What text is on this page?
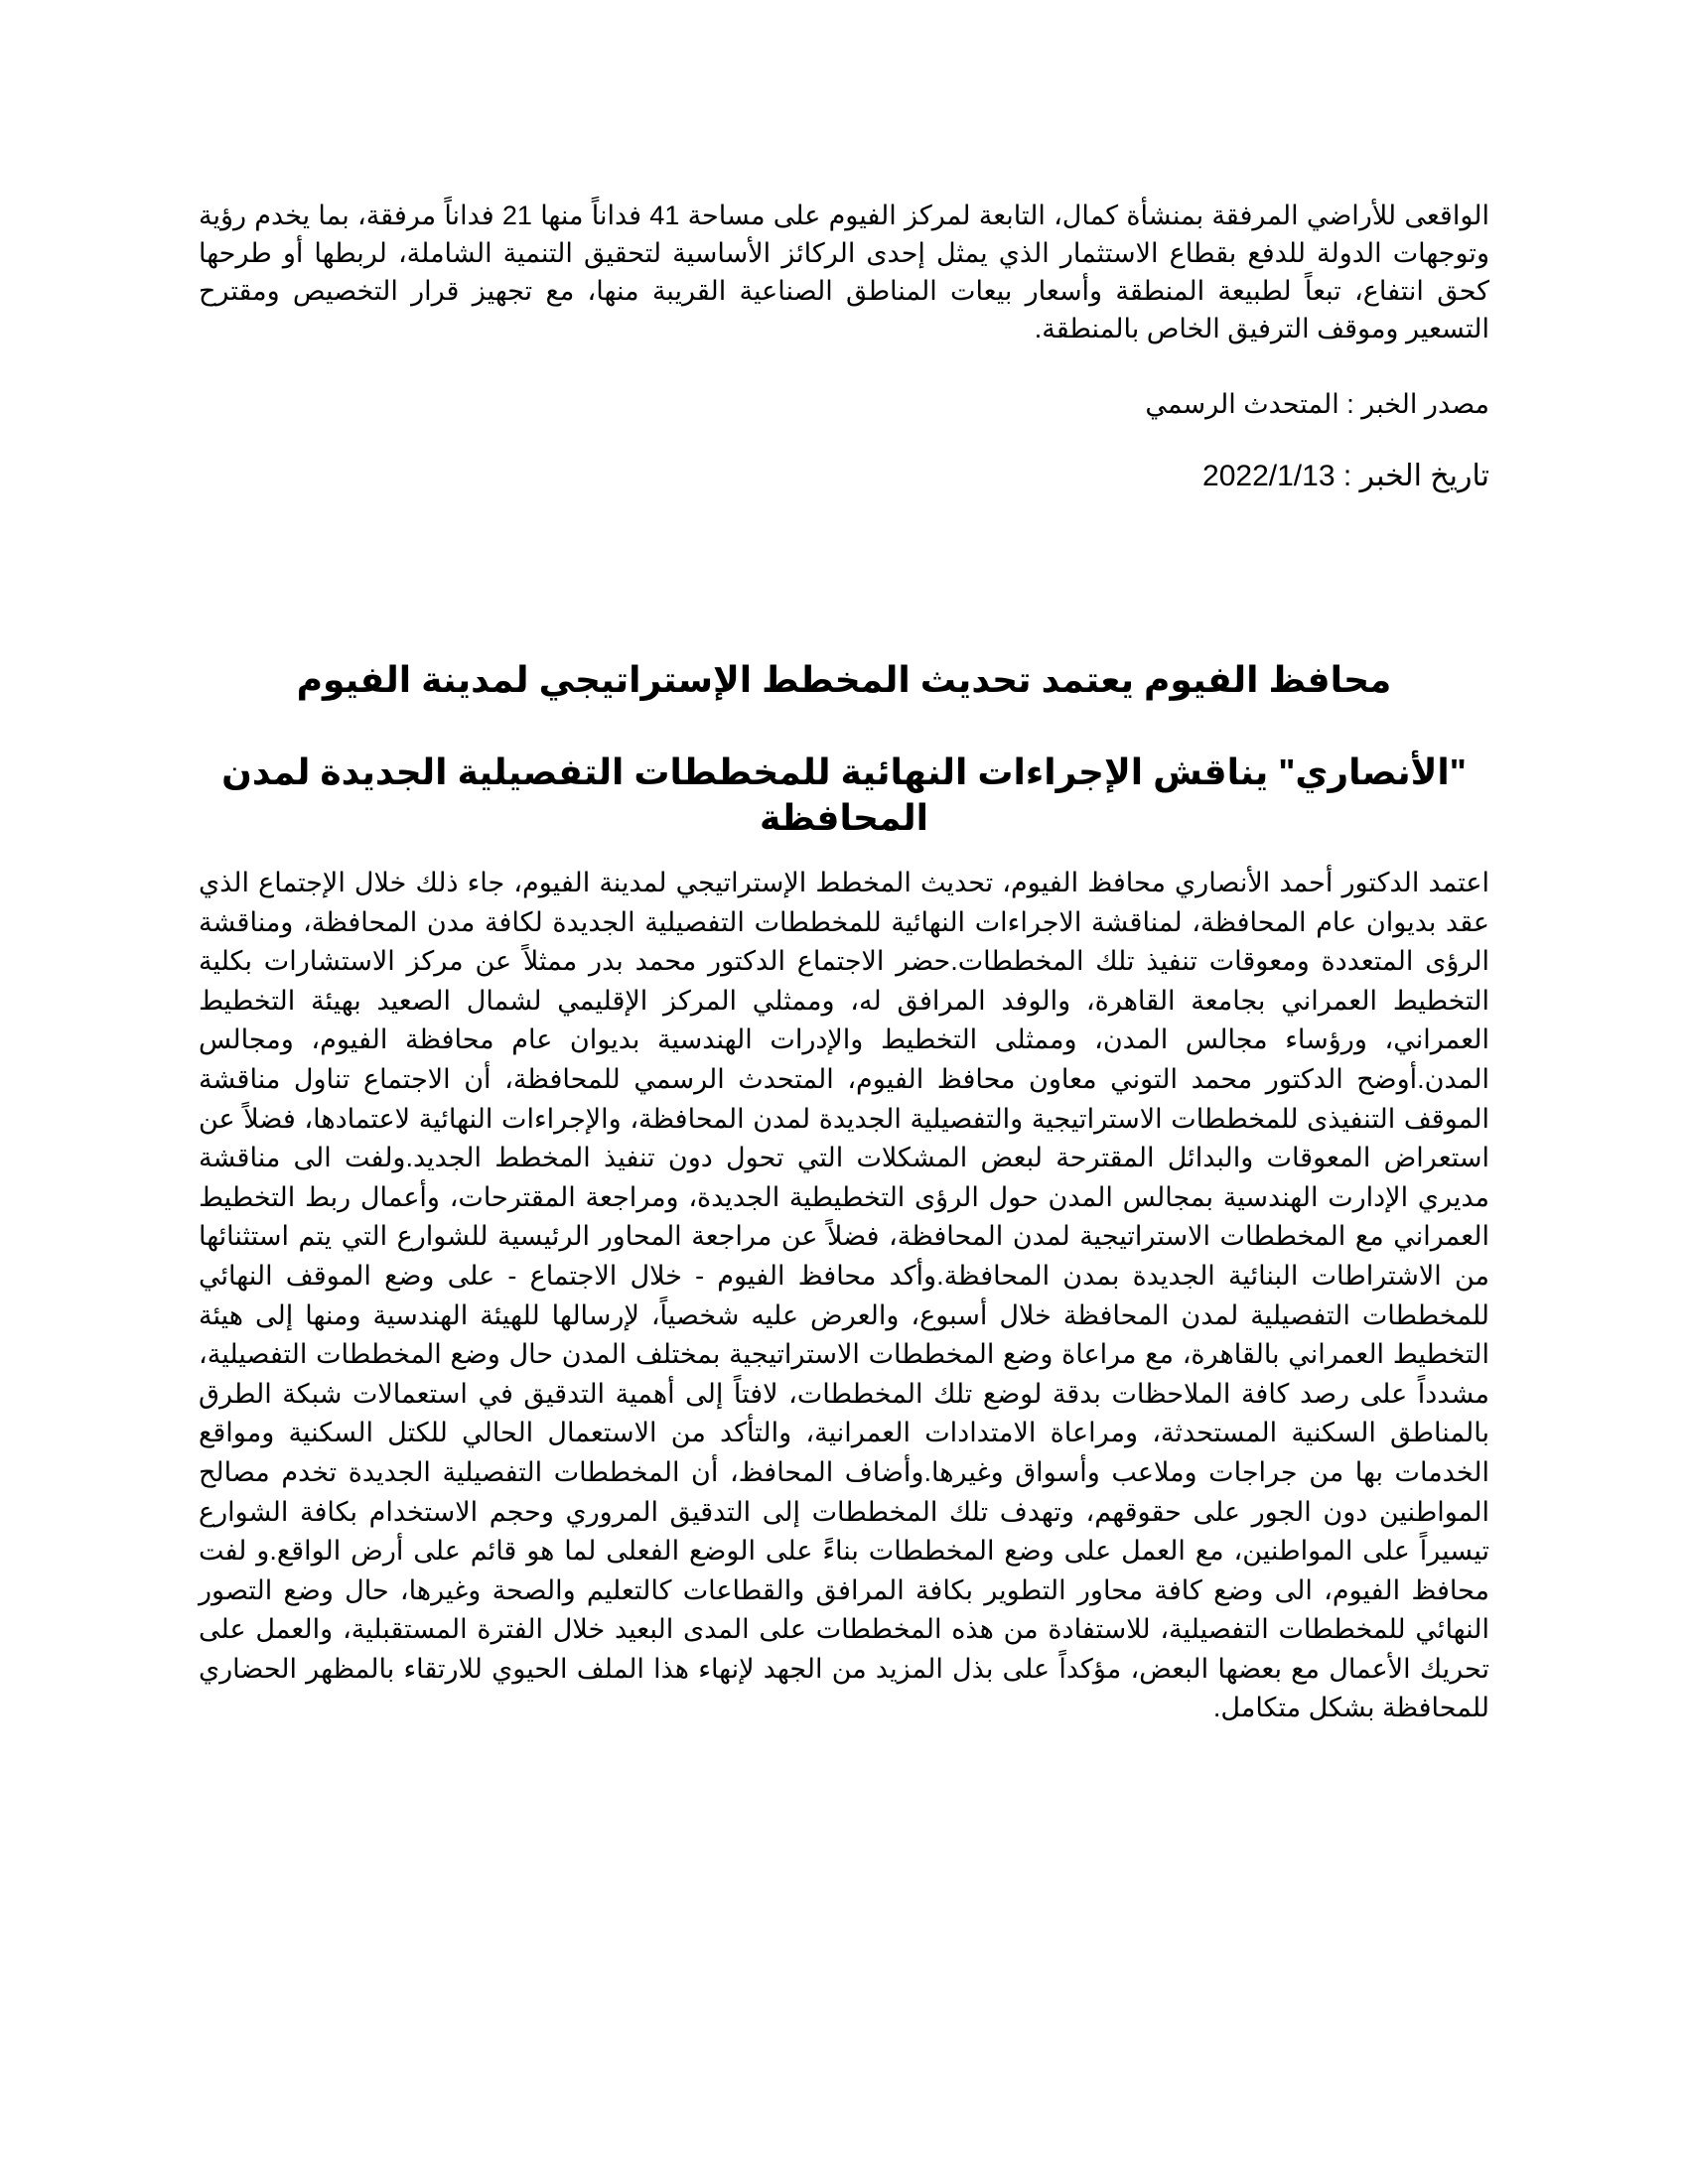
الواقعى للأراضي المرفقة بمنشأة كمال، التابعة لمركز الفيوم على مساحة 41 فداناً منها 21 فداناً مرفقة، بما يخدم رؤية وتوجهات الدولة للدفع بقطاع الاستثمار الذي يمثل إحدى الركائز الأساسية لتحقيق التنمية الشاملة، لربطها أو طرحها كحق انتفاع، تبعاً لطبيعة المنطقة وأسعار بيعات المناطق الصناعية القريبة منها، مع تجهيز قرار التخصيص ومقترح التسعير وموقف الترفيق الخاص بالمنطقة.

مصدر الخبر : المتحدث الرسمي

تاريخ الخبر : 2022/1/13

محافظ الفيوم يعتمد تحديث المخطط الإستراتيجي لمدينة الفيوم
"الأنصاري" يناقش الإجراءات النهائية للمخططات التفصيلية الجديدة لمدن المحافظة

اعتمد الدكتور أحمد الأنصاري محافظ الفيوم، تحديث المخطط الإستراتيجي لمدينة الفيوم، جاء ذلك خلال الإجتماع الذي عقد بديوان عام المحافظة، لمناقشة الاجراءات النهائية للمخططات التفصيلية الجديدة لكافة مدن المحافظة، ومناقشة الرؤى المتعددة ومعوقات تنفيذ تلك المخططات.حضر الاجتماع الدكتور محمد بدر ممثلاً عن مركز الاستشارات بكلية التخطيط العمراني بجامعة القاهرة، والوفد المرافق له، وممثلي المركز الإقليمي لشمال الصعيد بهيئة التخطيط العمراني، ورؤساء مجالس المدن، وممثلى التخطيط والإدرات الهندسية بديوان عام محافظة الفيوم، ومجالس المدن.أوضح الدكتور محمد التوني معاون محافظ الفيوم، المتحدث الرسمي للمحافظة، أن الاجتماع تناول مناقشة الموقف التنفيذى للمخططات الاستراتيجية والتفصيلية الجديدة لمدن المحافظة، والإجراءات النهائية لاعتمادها، فضلاً عن استعراض المعوقات والبدائل المقترحة لبعض المشكلات التي تحول دون تنفيذ المخطط الجديد.ولفت الى مناقشة مديري الإدارت الهندسية بمجالس المدن حول الرؤى التخطيطية الجديدة، ومراجعة المقترحات، وأعمال ربط التخطيط العمراني مع المخططات الاستراتيجية لمدن المحافظة، فضلاً عن مراجعة المحاور الرئيسية للشوارع التي يتم استثنائها من الاشتراطات البنائية الجديدة بمدن المحافظة.وأكد محافظ الفيوم - خلال الاجتماع - على وضع الموقف النهائي للمخططات التفصيلية لمدن المحافظة خلال أسبوع، والعرض عليه شخصياً، لإرسالها للهيئة الهندسية ومنها إلى هيئة التخطيط العمراني بالقاهرة، مع مراعاة وضع المخططات الاستراتيجية بمختلف المدن حال وضع المخططات التفصيلية، مشدداً على رصد كافة الملاحظات بدقة لوضع تلك المخططات، لافتاً إلى أهمية التدقيق في استعمالات شبكة الطرق بالمناطق السكنية المستحدثة، ومراعاة الامتدادات العمرانية، والتأكد من الاستعمال الحالي للكتل السكنية ومواقع الخدمات بها من جراجات وملاعب وأسواق وغيرها.وأضاف المحافظ، أن المخططات التفصيلية الجديدة تخدم مصالح المواطنين دون الجور على حقوقهم، وتهدف تلك المخططات إلى التدقيق المروري وحجم الاستخدام بكافة الشوارع تيسيراً على المواطنين، مع العمل على وضع المخططات بناءً على الوضع الفعلى لما هو قائم على أرض الواقع.و لفت محافظ الفيوم، الى وضع كافة محاور التطوير بكافة المرافق والقطاعات كالتعليم والصحة وغيرها، حال وضع التصور النهائي للمخططات التفصيلية، للاستفادة من هذه المخططات على المدى البعيد خلال الفترة المستقبلية، والعمل على تحريك الأعمال مع بعضها البعض، مؤكداً على بذل المزيد من الجهد لإنهاء هذا الملف الحيوي للارتقاء بالمظهر الحضاري للمحافظة بشكل متكامل.
